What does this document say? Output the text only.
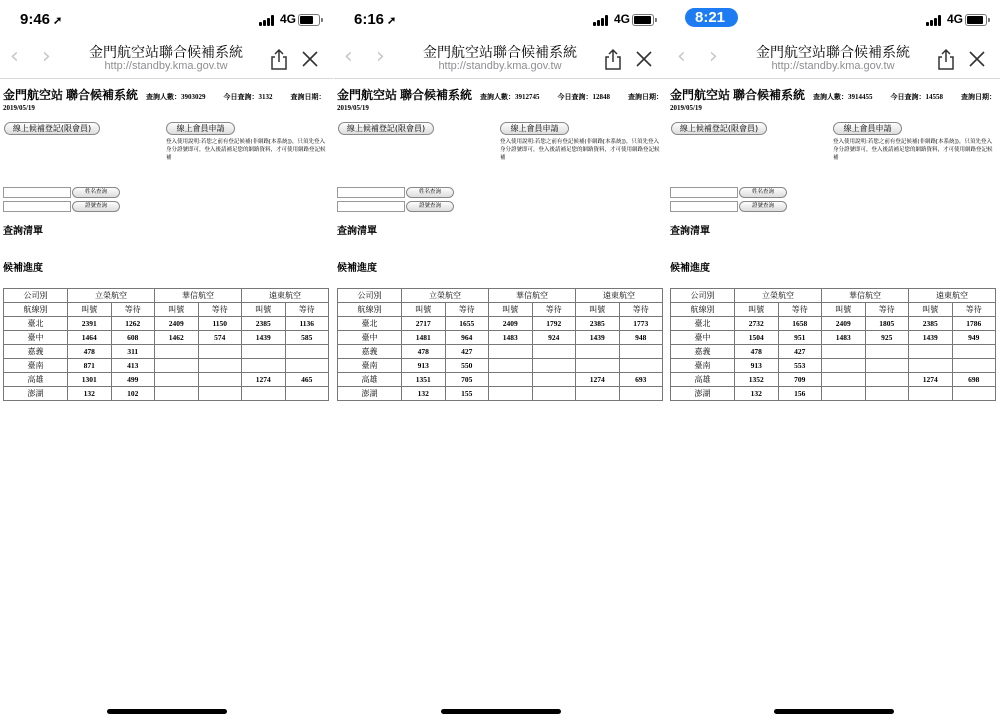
9:46 ➚	4G
‹ ›	金門航空站聯合候補系統
http://standby.kma.gov.tw
金門航空站 聯合候補系統 查詢人數：3903029	今日查詢：3132	查詢日期：
2019/05/19
線上候補登記(限會員)	線上會員申請
登入使用說明:若您之前有登記候補(非網路[本系統])，只須先登入身分證號即可，登入後請補足您的網路資料，才可使用網路登記候補
姓名查詢
證號查詢
查詢清單
候補進度
公司別	立榮航空		華信航空		遠東航空	
航線別	叫號	等待	叫號	等待	叫號	等待
臺北	2391	1262	2409	1150	2385	1136
臺中	1464	608	1462	574	1439	585
嘉義	478	311				
臺南	871	413				
高雄	1301	499			1274	465
澎湖	132	102				
6:16 ➚	4G
‹ ›	金門航空站聯合候補系統
http://standby.kma.gov.tw
金門航空站 聯合候補系統 查詢人數：3912745	今日查詢：12848	查詢日期：
2019/05/19
線上候補登記(限會員)	線上會員申請
登入使用說明:若您之前有登記候補(非網路[本系統])，只須先登入身分證號即可，登入後請補足您的網路資料，才可使用網路登記候補
姓名查詢
證號查詢
查詢清單
候補進度
公司別	立榮航空		華信航空		遠東航空	
航線別	叫號	等待	叫號	等待	叫號	等待
臺北	2717	1655	2409	1792	2385	1773
臺中	1481	964	1483	924	1439	948
嘉義	478	427				
臺南	913	550				
高雄	1351	705			1274	693
澎湖	132	155				
8:21	4G
‹ ›	金門航空站聯合候補系統
http://standby.kma.gov.tw
金門航空站 聯合候補系統 查詢人數：3914455	今日查詢：14558	查詢日期：
2019/05/19
線上候補登記(限會員)	線上會員申請
登入使用說明:若您之前有登記候補(非網路[本系統])，只須先登入身分證號即可，登入後請補足您的網路資料，才可使用網路登記候補
姓名查詢
證號查詢
查詢清單
候補進度
公司別	立榮航空		華信航空		遠東航空	
航線別	叫號	等待	叫號	等待	叫號	等待
臺北	2732	1658	2409	1805	2385	1786
臺中	1504	951	1483	925	1439	949
嘉義	478	427				
臺南	913	553				
高雄	1352	709			1274	698
澎湖	132	156				
